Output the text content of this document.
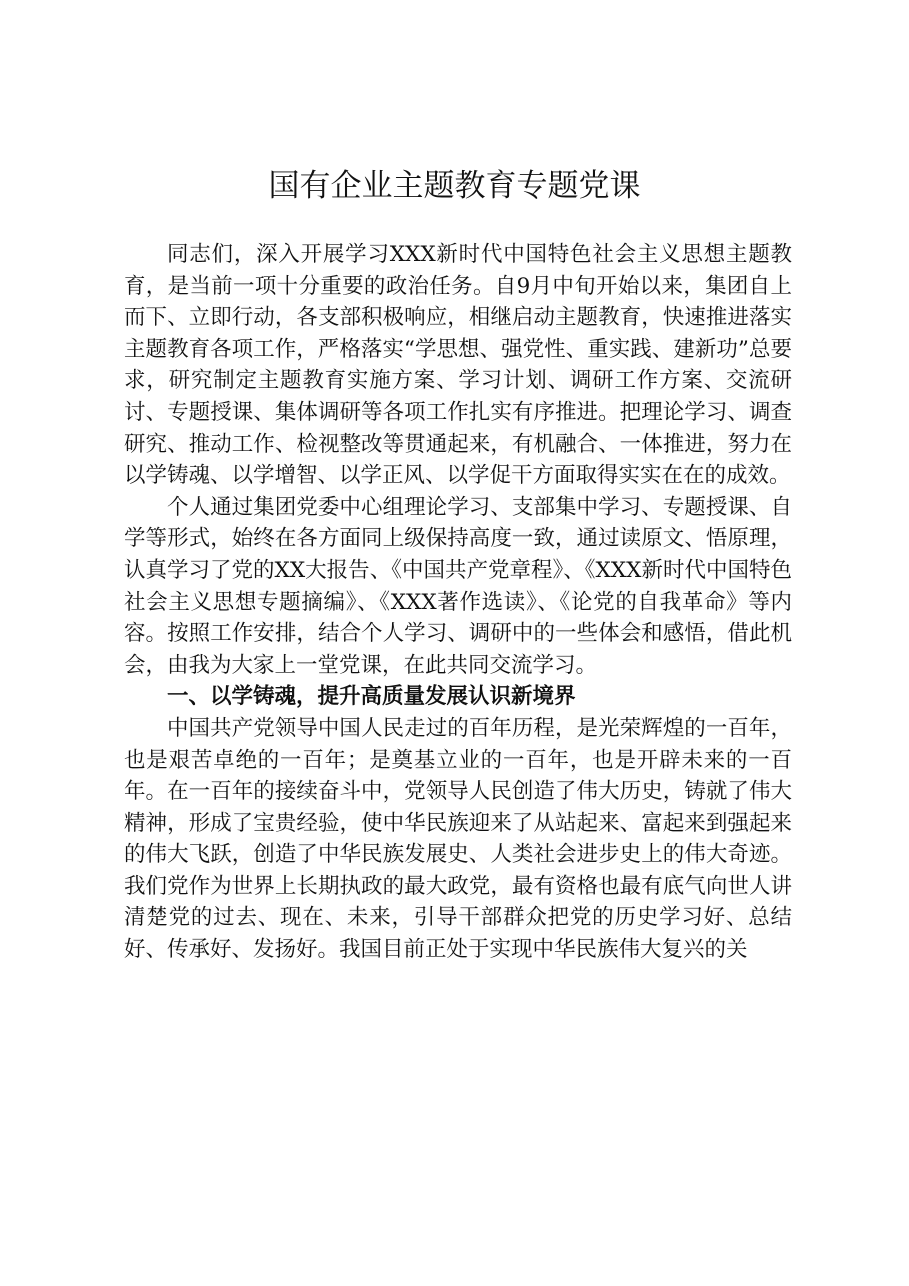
国有企业主题教育专题党课

同志们，深入开展学习XXX新时代中国特色社会主义思想主题教育，是当前一项十分重要的政治任务。自9月中旬开始以来，集团自上而下、立即行动，各支部积极响应，相继启动主题教育，快速推进落实主题教育各项工作，严格落实“学思想、强党性、重实践、建新功”总要求，研究制定主题教育实施方案、学习计划、调研工作方案、交流研讨、专题授课、集体调研等各项工作扎实有序推进。把理论学习、调查研究、推动工作、检视整改等贯通起来，有机融合、一体推进，努力在以学铸魂、以学增智、以学正风、以学促干方面取得实实在在的成效。

个人通过集团党委中心组理论学习、支部集中学习、专题授课、自学等形式，始终在各方面同上级保持高度一致，通过读原文、悟原理，认真学习了党的XX大报告、《中国共产党章程》、《XXX新时代中国特色社会主义思想专题摘编》、《XXX著作选读》、《论党的自我革命》等内容。按照工作安排，结合个人学习、调研中的一些体会和感悟，借此机会，由我为大家上一堂党课，在此共同交流学习。

一、以学铸魂，提升高质量发展认识新境界

中国共产党领导中国人民走过的百年历程，是光荣辉煌的一百年，也是艰苦卓绝的一百年；是奠基立业的一百年，也是开辟未来的一百年。在一百年的接续奋斗中，党领导人民创造了伟大历史，铸就了伟大精神，形成了宝贵经验，使中华民族迎来了从站起来、富起来到强起来的伟大飞跃，创造了中华民族发展史、人类社会进步史上的伟大奇迹。我们党作为世界上长期执政的最大政党，最有资格也最有底气向世人讲清楚党的过去、现在、未来，引导干部群众把党的历史学习好、总结好、传承好、发扬好。我国目前正处于实现中华民族伟大复兴的关
